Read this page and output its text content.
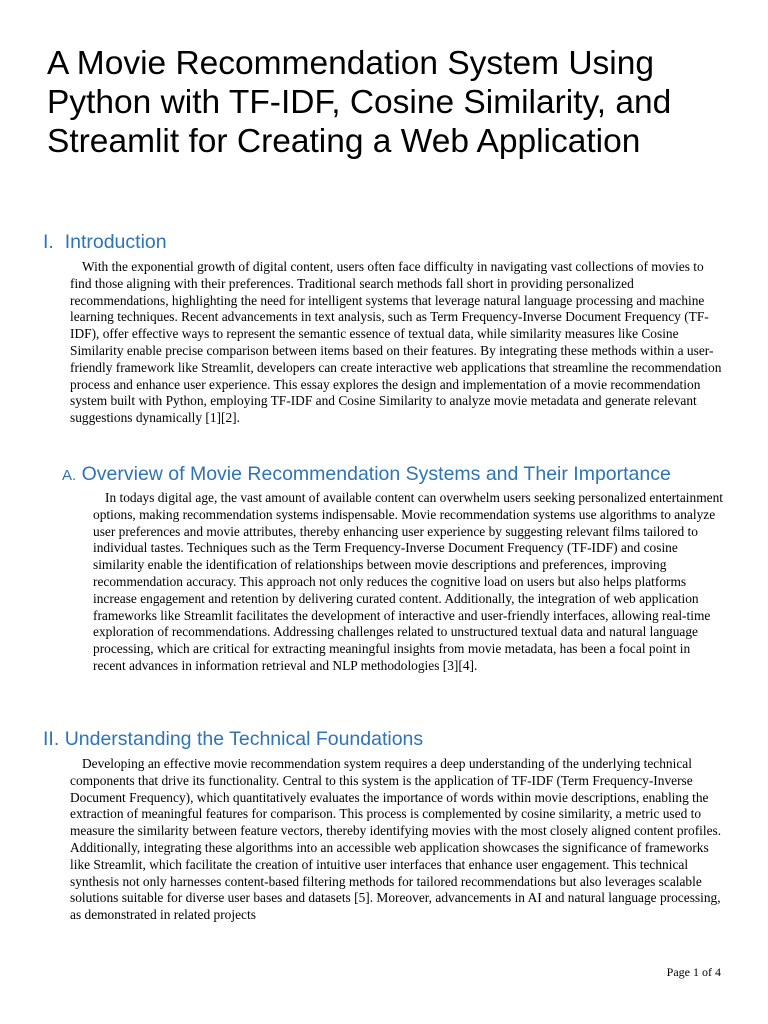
A Movie Recommendation System Using Python with TF-IDF, Cosine Similarity, and Streamlit for Creating a Web Application
I. Introduction

With the exponential growth of digital content, users often face difficulty in navigating vast collections of movies to find those aligning with their preferences. Traditional search methods fall short in providing personalized recommendations, highlighting the need for intelligent systems that leverage natural language processing and machine learning techniques. Recent advancements in text analysis, such as Term Frequency-Inverse Document Frequency (TF-IDF), offer effective ways to represent the semantic essence of textual data, while similarity measures like Cosine Similarity enable precise comparison between items based on their features. By integrating these methods within a user-friendly framework like Streamlit, developers can create interactive web applications that streamline the recommendation process and enhance user experience. This essay explores the design and implementation of a movie recommendation system built with Python, employing TF-IDF and Cosine Similarity to analyze movie metadata and generate relevant suggestions dynamically [1][2].

A. Overview of Movie Recommendation Systems and Their Importance

In todays digital age, the vast amount of available content can overwhelm users seeking personalized entertainment options, making recommendation systems indispensable. Movie recommendation systems use algorithms to analyze user preferences and movie attributes, thereby enhancing user experience by suggesting relevant films tailored to individual tastes. Techniques such as the Term Frequency-Inverse Document Frequency (TF-IDF) and cosine similarity enable the identification of relationships between movie descriptions and preferences, improving recommendation accuracy. This approach not only reduces the cognitive load on users but also helps platforms increase engagement and retention by delivering curated content. Additionally, the integration of web application frameworks like Streamlit facilitates the development of interactive and user-friendly interfaces, allowing real-time exploration of recommendations. Addressing challenges related to unstructured textual data and natural language processing, which are critical for extracting meaningful insights from movie metadata, has been a focal point in recent advances in information retrieval and NLP methodologies [3][4].

II. Understanding the Technical Foundations

Developing an effective movie recommendation system requires a deep understanding of the underlying technical components that drive its functionality. Central to this system is the application of TF-IDF (Term Frequency-Inverse Document Frequency), which quantitatively evaluates the importance of words within movie descriptions, enabling the extraction of meaningful features for comparison. This process is complemented by cosine similarity, a metric used to measure the similarity between feature vectors, thereby identifying movies with the most closely aligned content profiles. Additionally, integrating these algorithms into an accessible web application showcases the significance of frameworks like Streamlit, which facilitate the creation of intuitive user interfaces that enhance user engagement. This technical synthesis not only harnesses content-based filtering methods for tailored recommendations but also leverages scalable solutions suitable for diverse user bases and datasets [5]. Moreover, advancements in AI and natural language processing, as demonstrated in related projects

Page 1 of 4
